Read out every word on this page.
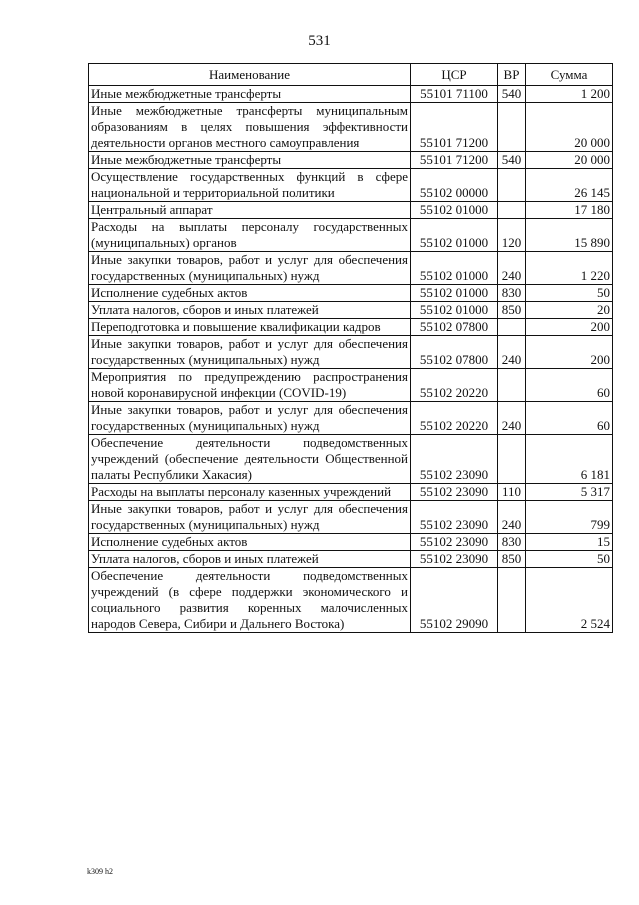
531
Наименование	ЦСР	ВР	Сумма
Иные межбюджетные трансферты	55101 71100	540	1 200
Иные межбюджетные трансферты муниципальным образованиям в целях повышения эффективности деятельности органов местного самоуправления	55101 71200		20 000
Иные межбюджетные трансферты	55101 71200	540	20 000
Осуществление государственных функций в сфере национальной и территориальной политики	55102 00000		26 145
Центральный аппарат	55102 01000		17 180
Расходы на выплаты персоналу государственных (муниципальных) органов	55102 01000	120	15 890
Иные закупки товаров, работ и услуг для обеспечения государственных (муниципальных) нужд	55102 01000	240	1 220
Исполнение судебных актов	55102 01000	830	50
Уплата налогов, сборов и иных платежей	55102 01000	850	20
Переподготовка и повышение квалификации кадров	55102 07800		200
Иные закупки товаров, работ и услуг для обеспечения государственных (муниципальных) нужд	55102 07800	240	200
Мероприятия по предупреждению распространения новой коронавирусной инфекции (COVID-19)	55102 20220		60
Иные закупки товаров, работ и услуг для обеспечения государственных (муниципальных) нужд	55102 20220	240	60
Обеспечение деятельности подведомственных учреждений (обеспечение деятельности Общественной палаты Республики Хакасия)	55102 23090		6 181
Расходы на выплаты персоналу казенных учреждений	55102 23090	110	5 317
Иные закупки товаров, работ и услуг для обеспечения государственных (муниципальных) нужд	55102 23090	240	799
Исполнение судебных актов	55102 23090	830	15
Уплата налогов, сборов и иных платежей	55102 23090	850	50
Обеспечение деятельности подведомственных учреждений (в сфере поддержки экономического и социального развития коренных малочисленных народов Севера, Сибири и Дальнего Востока)	55102 29090		2 524
k309 h2
